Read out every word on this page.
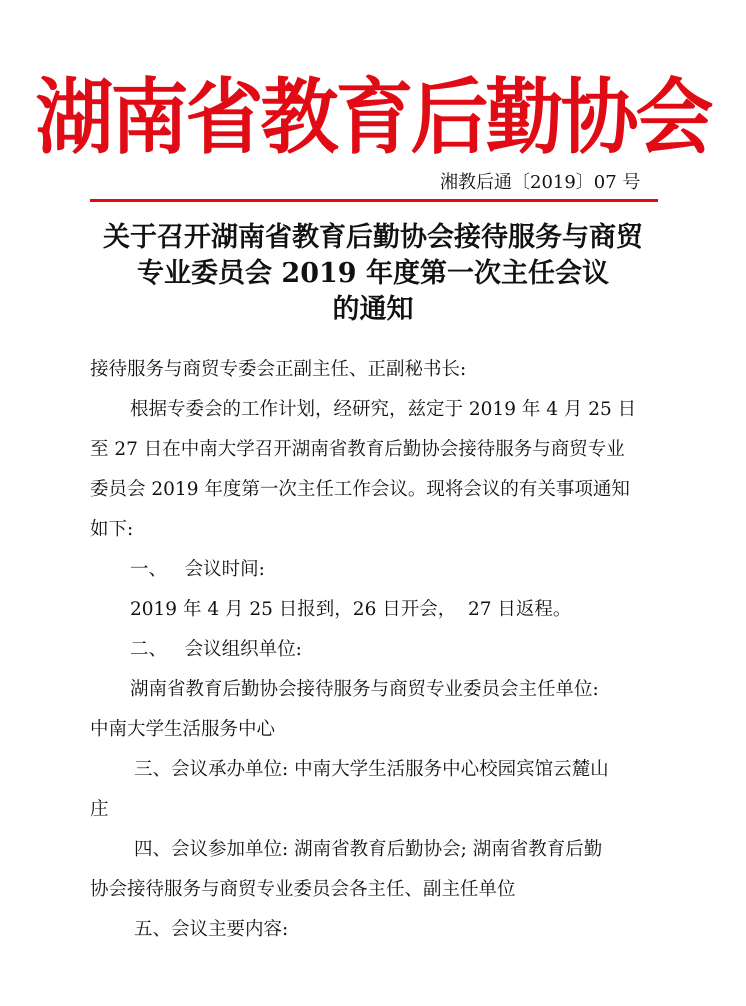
湖南省教育后勤协会
湘教后通〔2019〕07 号
关于召开湖南省教育后勤协会接待服务与商贸
专业委员会 2019 年度第一次主任会议
的通知
接待服务与商贸专委会正副主任、正副秘书长:
根据专委会的工作计划，经研究，兹定于 2019 年 4 月 25 日
至 27 日在中南大学召开湖南省教育后勤协会接待服务与商贸专业
委员会 2019 年度第一次主任工作会议。现将会议的有关事项通知
如下:
一、   会议时间:
2019 年 4 月 25 日报到，26 日开会，  27 日返程。
二、   会议组织单位:
湖南省教育后勤协会接待服务与商贸专业委员会主任单位:
中南大学生活服务中心
三、会议承办单位: 中南大学生活服务中心校园宾馆云麓山
庄
四、会议参加单位: 湖南省教育后勤协会; 湖南省教育后勤
协会接待服务与商贸专业委员会各主任、副主任单位
五、会议主要内容:
